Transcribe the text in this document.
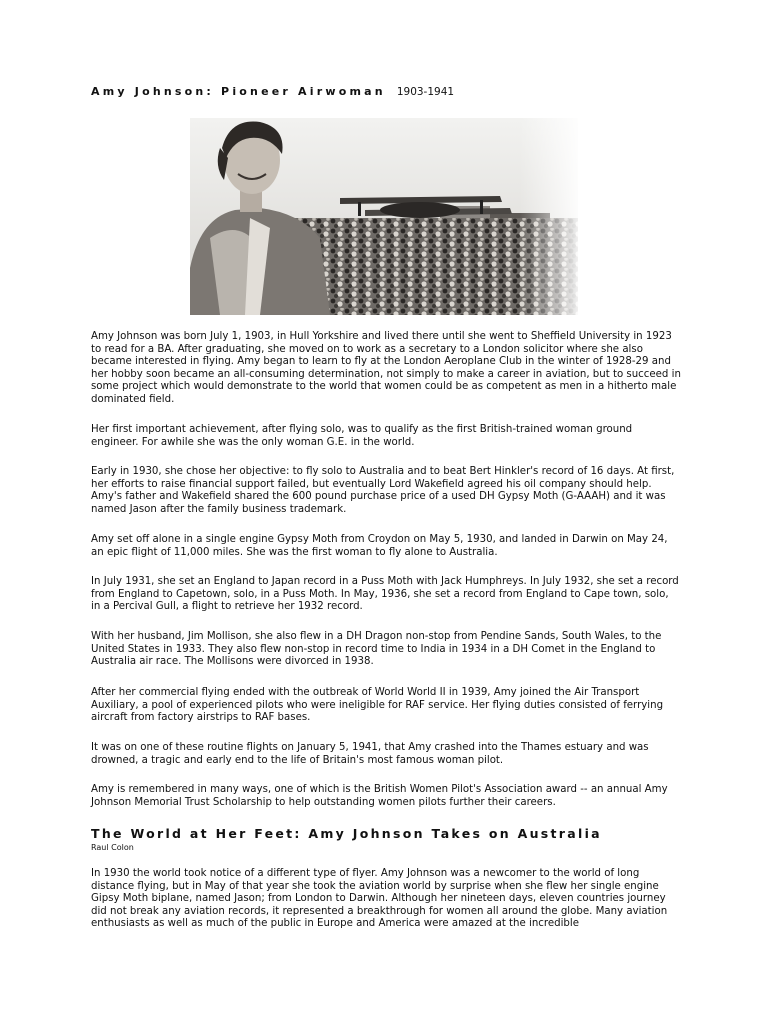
Amy Johnson: Pioneer Airwoman 1903-1941

Amy Johnson was born July 1, 1903, in Hull Yorkshire and lived there until she went to Sheffield University in 1923 to read for a BA. After graduating, she moved on to work as a secretary to a London solicitor where she also became interested in flying. Amy began to learn to fly at the London Aeroplane Club in the winter of 1928-29 and her hobby soon became an all-consuming determination, not simply to make a career in aviation, but to succeed in some project which would demonstrate to the world that women could be as competent as men in a hitherto male dominated field.

Her first important achievement, after flying solo, was to qualify as the first British-trained woman ground engineer. For awhile she was the only woman G.E. in the world.

Early in 1930, she chose her objective: to fly solo to Australia and to beat Bert Hinkler's record of 16 days. At first, her efforts to raise financial support failed, but eventually Lord Wakefield agreed his oil company should help. Amy's father and Wakefield shared the 600 pound purchase price of a used DH Gypsy Moth (G-AAAH) and it was named Jason after the family business trademark.

Amy set off alone in a single engine Gypsy Moth from Croydon on May 5, 1930, and landed in Darwin on May 24, an epic flight of 11,000 miles. She was the first woman to fly alone to Australia.

In July 1931, she set an England to Japan record in a Puss Moth with Jack Humphreys. In July 1932, she set a record from England to Capetown, solo, in a Puss Moth. In May, 1936, she set a record from England to Cape town, solo, in a Percival Gull, a flight to retrieve her 1932 record.

With her husband, Jim Mollison, she also flew in a DH Dragon non-stop from Pendine Sands, South Wales, to the United States in 1933. They also flew non-stop in record time to India in 1934 in a DH Comet in the England to Australia air race. The Mollisons were divorced in 1938.

After her commercial flying ended with the outbreak of World World II in 1939, Amy joined the Air Transport Auxiliary, a pool of experienced pilots who were ineligible for RAF service. Her flying duties consisted of ferrying aircraft from factory airstrips to RAF bases.

It was on one of these routine flights on January 5, 1941, that Amy crashed into the Thames estuary and was drowned, a tragic and early end to the life of Britain's most famous woman pilot.

Amy is remembered in many ways, one of which is the British Women Pilot's Association award -- an annual Amy Johnson Memorial Trust Scholarship to help outstanding women pilots further their careers.

The World at Her Feet: Amy Johnson Takes on Australia
Raul Colon

In 1930 the world took notice of a different type of flyer. Amy Johnson was a newcomer to the world of long distance flying, but in May of that year she took the aviation world by surprise when she flew her single engine Gipsy Moth biplane, named Jason; from London to Darwin. Although her nineteen days, eleven countries journey did not break any aviation records, it represented a breakthrough for women all around the globe. Many aviation enthusiasts as well as much of the public in Europe and America were amazed at the incredible
